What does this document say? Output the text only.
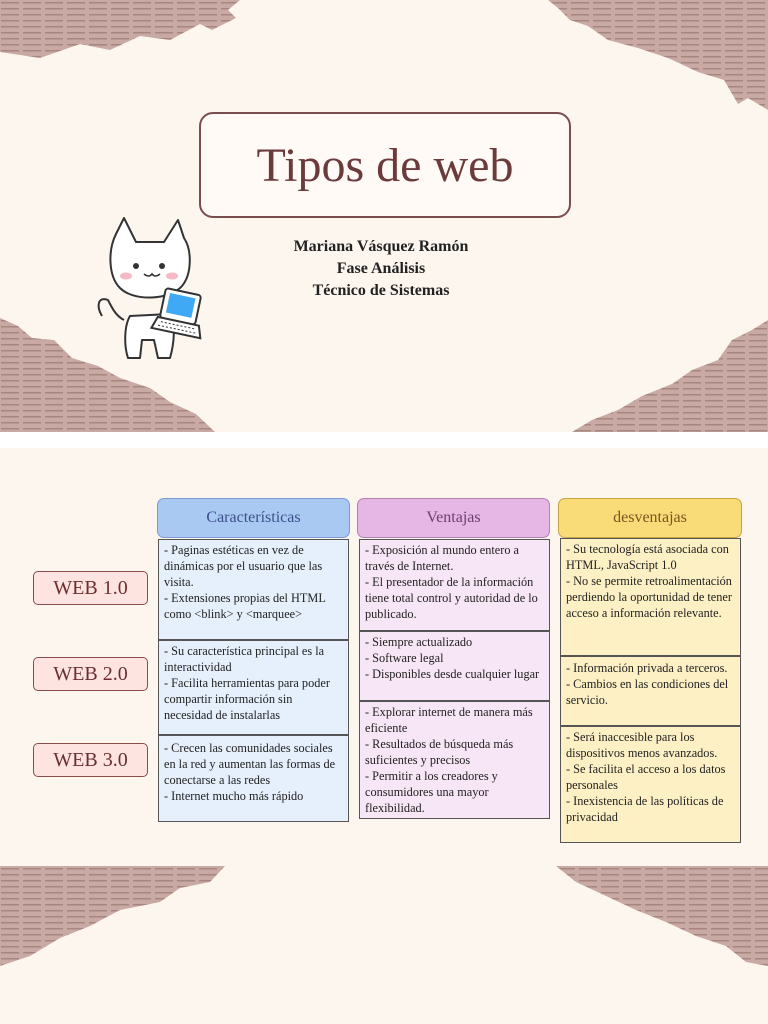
Tipos de web
Mariana Vásquez Ramón
Fase Análisis
Técnico de Sistemas
Características	Ventajas	desventajas
WEB 1.0
WEB 2.0
WEB 3.0
- Paginas estéticas en vez de dinámicas por el usuario que las visita.
- Extensiones propias del HTML como <blink> y <marquee>
- Su característica principal es la interactividad
- Facilita herramientas para poder compartir información sin necesidad de instalarlas
- Crecen las comunidades sociales en la red y aumentan las formas de conectarse a las redes
- Internet mucho más rápido
- Exposición al mundo entero a través de Internet.
- El presentador de la información tiene total control y autoridad de lo publicado.
- Siempre actualizado
- Software legal
- Disponibles desde cualquier lugar
- Explorar internet de manera más eficiente
- Resultados de búsqueda más suficientes y precisos
- Permitir a los creadores y consumidores una mayor flexibilidad.
- Su tecnología está asociada con HTML, JavaScript 1.0
- No se permite retroalimentación perdiendo la oportunidad de tener acceso a información relevante.
- Información privada a terceros.
- Cambios en las condiciones del servicio.
- Será inaccesible para los dispositivos menos avanzados.
- Se facilita el acceso a los datos personales
- Inexistencia de las políticas de privacidad
